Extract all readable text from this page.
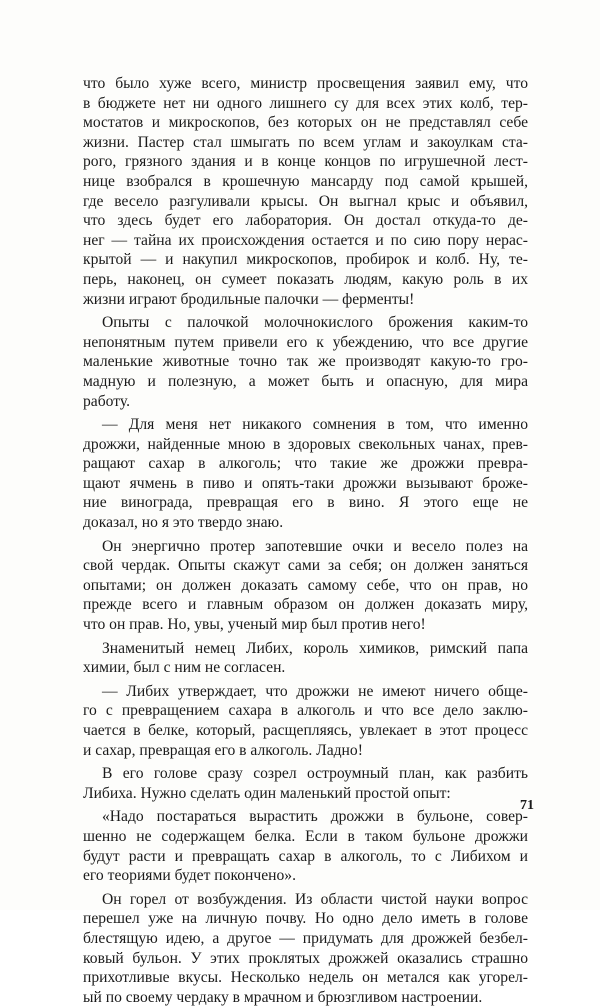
что было хуже всего, министр просвещения заявил ему, что
в бюджете нет ни одного лишнего су для всех этих колб, тер-
мостатов и микроскопов, без которых он не представлял себе
жизни. Пастер стал шмыгать по всем углам и закоулкам ста-
рого, грязного здания и в конце концов по игрушечной лест-
нице взобрался в крошечную мансарду под самой крышей,
где весело разгуливали крысы. Он выгнал крыс и объявил,
что здесь будет его лаборатория. Он достал откуда-то де-
нег — тайна их происхождения остается и по сию пору нерас-
крытой — и накупил микроскопов, пробирок и колб. Ну, те-
перь, наконец, он сумеет показать людям, какую роль в их
жизни играют бродильные палочки — ферменты!

Опыты с палочкой молочнокислого брожения каким-то
непонятным путем привели его к убеждению, что все другие
маленькие животные точно так же производят какую-то гро-
мадную и полезную, а может быть и опасную, для мира
работу.

— Для меня нет никакого сомнения в том, что именно
дрожжи, найденные мною в здоровых свекольных чанах, прев-
ращают сахар в алкоголь; что такие же дрожжи превра-
щают ячмень в пиво и опять-таки дрожжи вызывают броже-
ние винограда, превращая его в вино. Я этого еще не
доказал, но я это твердо знаю.

Он энергично протер запотевшие очки и весело полез на
свой чердак. Опыты скажут сами за себя; он должен заняться
опытами; он должен доказать самому себе, что он прав, но
прежде всего и главным образом он должен доказать миру,
что он прав. Но, увы, ученый мир был против него!

Знаменитый немец Либих, король химиков, римский папа
химии, был с ним не согласен.

— Либих утверждает, что дрожжи не имеют ничего обще-
го с превращением сахара в алкоголь и что все дело заклю-
чается в белке, который, расщепляясь, увлекает в этот процесс
и сахар, превращая его в алкоголь. Ладно!

В его голове сразу созрел остроумный план, как разбить
Либиха. Нужно сделать один маленький простой опыт:

«Надо постараться вырастить дрожжи в бульоне, совер-
шенно не содержащем белка. Если в таком бульоне дрожжи
будут расти и превращать сахар в алкоголь, то с Либихом и
его теориями будет покончено».

Он горел от возбуждения. Из области чистой науки вопрос
перешел уже на личную почву. Но одно дело иметь в голове
блестящую идею, а другое — придумать для дрожжей безбел-
ковый бульон. У этих проклятых дрожжей оказались страшно
прихотливые вкусы. Несколько недель он метался как угорел-
ый по своему чердаку в мрачном и брюзгливом настроении.

71
